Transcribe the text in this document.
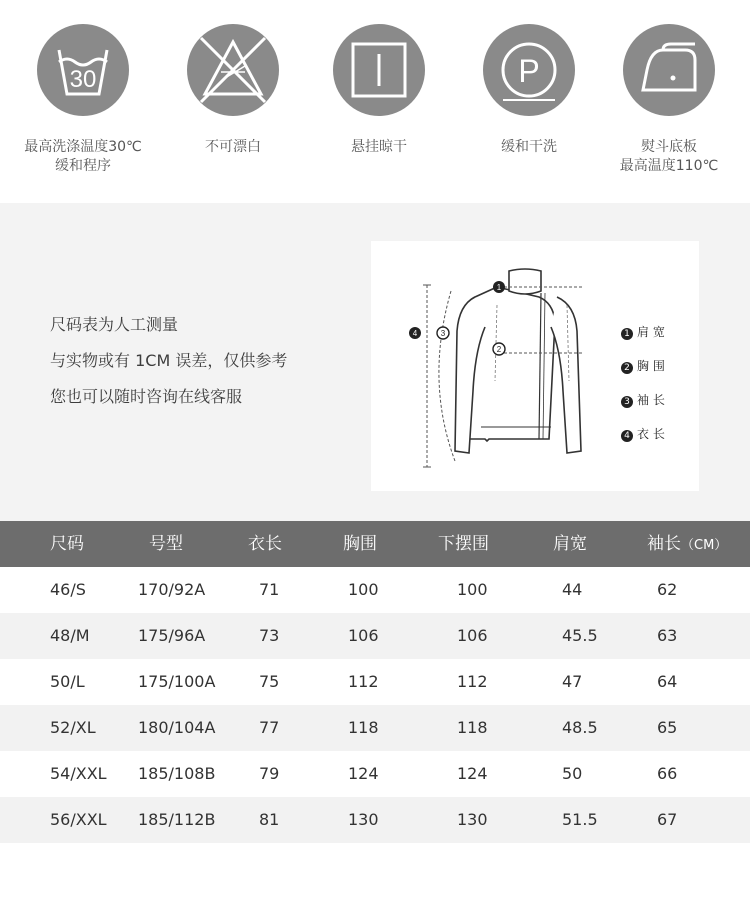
30
最高洗涤温度30℃
缓和程序
不可漂白	悬挂晾干
P
缓和干洗	熨斗底板
最高温度110℃
尺码表为人工测量
与实物或有 1CM 误差，仅供参考
您也可以随时咨询在线客服
1
2
3
4	1 肩 宽
2 胸 围
3 袖 长
4 衣 长
尺码	号型	衣长	胸围	下摆围	肩宽	袖长（CM）
46/S	170/92A	71	100	100	44	62
48/M	175/96A	73	106	106	45.5	63
50/L	175/100A	75	112	112	47	64
52/XL	180/104A	77	118	118	48.5	65
54/XXL 185/108B	79	124	124	50	66
56/XXL 185/112B	81	130	130	51.5	67
